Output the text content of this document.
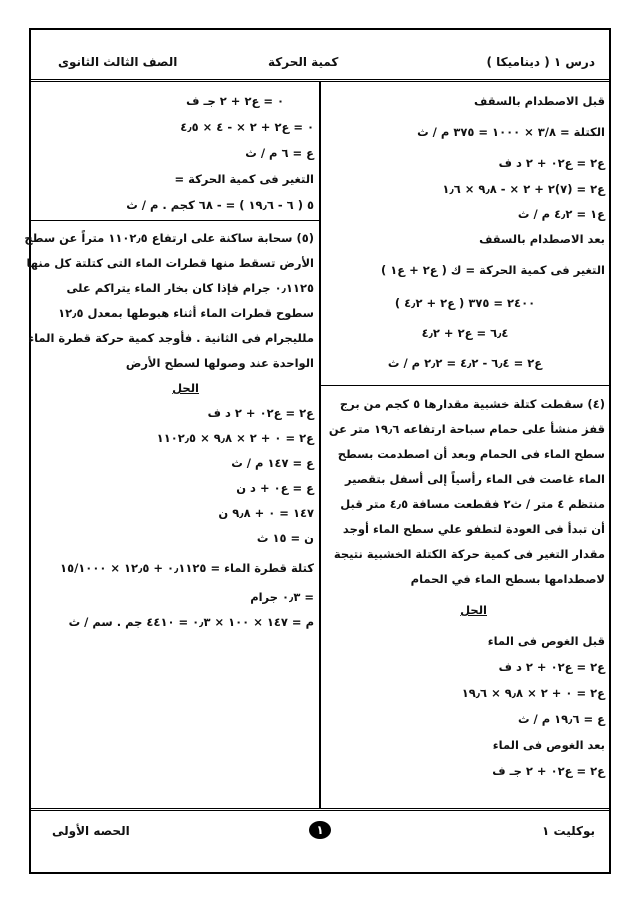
درس ١ ( ديناميكا )
كمية الحركة
الصف الثالث الثانوى
قبل الاصطدام بالسقف
الكتلة = ٣/٨ × ١٠٠٠ = ٣٧٥ م / ث
ع٢ = ع٠٢ + ٢ د ف
ع٢ = (٧)٢ + ٢ × - ٩٫٨ × ١٫٦
ع١ = ٤٫٢ م / ث
بعد الاصطدام بالسقف
التغير فى كمية الحركة = ك ( ع٢ + ع١ )
٢٤٠٠ = ٣٧٥ ( ع٢ + ٤٫٢ )
٦٫٤ = ع٢ + ٤٫٢
ع٢ = ٦٫٤ - ٤٫٢ = ٢٫٢ م / ث
(٤) سقطت كتلة خشبية مقدارها ٥ كجم من برج
قفز منشأ على حمام سباحة ارتفاعه ١٩٫٦ متر عن
سطح الماء فى الحمام وبعد أن اصطدمت بسطح
الماء غاصت فى الماء رأسياً إلى أسفل بتقصير
منتظم ٤ متر / ث٢ فقطعت مسافة ٤٫٥ متر قبل
أن تبدأ فى العودة لتطفو علي سطح الماء أوجد
مقدار التغير فى كمية حركة الكتلة الخشبية نتيجة
لاصطدامها بسطح الماء في الحمام
الحل
قبل الغوص فى الماء
ع٢ = ع٠٢ + ٢ د ف
ع٢ = ٠ + ٢ × ٩٫٨ × ١٩٫٦
ع = ١٩٫٦ م / ث
بعد الغوص فى الماء
ع٢ = ع٠٢ + ٢ جـ ف
٠ = ع٢ + ٢ جـ ف
٠ = ع٢ + ٢ × - ٤ × ٤٫٥
ع = ٦ م / ث
التغير فى كمية الحركة =
٥ ( ٦ - ١٩٫٦ ) = - ٦٨ كجم . م / ث
(٥) سحابة ساكنة على ارتفاع ١١٠٢٫٥ متراً عن سطح
الأرض تسقط منها قطرات الماء التى كتلتة كل منها
٠٫١١٢٥ جرام فإذا كان بخار الماء يتراكم على
سطوح قطرات الماء أثناء هبوطها بمعدل ١٢٫٥
ملليجرام فى الثانية . فأوجد كمية حركة قطرة الماء
الواحدة عند وصولها لسطح الأرض
الحل
ع٢ = ع٠٢ + ٢ د ف
ع٢ = ٠ + ٢ × ٩٫٨ × ١١٠٢٫٥
ع = ١٤٧ م / ث
ع = ع٠ + د ن
١٤٧ = ٠ + ٩٫٨ ن
ن = ١٥ ث
كتلة قطرة الماء = ٠٫١١٢٥ + ١٢٫٥ × ١٥/١٠٠٠
= ٠٫٣ جرام
م = ١٤٧ × ١٠٠ × ٠٫٣ = ٤٤١٠ جم . سم / ث
بوكليت ١
١
الحصه الأولى
